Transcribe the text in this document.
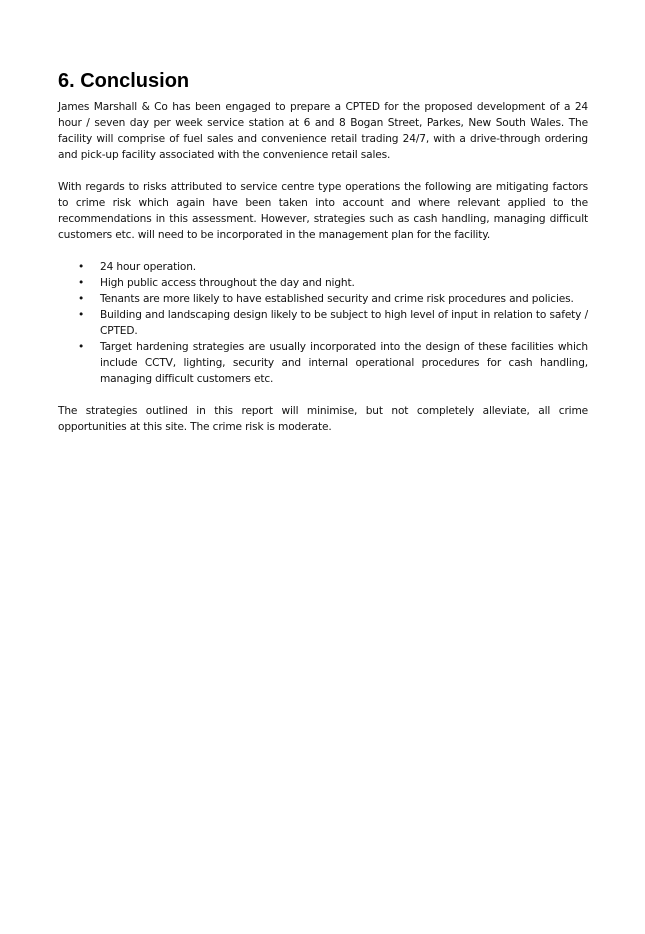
6. Conclusion

James Marshall & Co has been engaged to prepare a CPTED for the proposed development of a 24 hour / seven day per week service station at 6 and 8 Bogan Street, Parkes, New South Wales. The facility will comprise of fuel sales and convenience retail trading 24/7, with a drive-through ordering and pick-up facility associated with the convenience retail sales.

With regards to risks attributed to service centre type operations the following are mitigating factors to crime risk which again have been taken into account and where relevant applied to the recommendations in this assessment. However, strategies such as cash handling, managing difficult customers etc. will need to be incorporated in the management plan for the facility.

• 24 hour operation.
• High public access throughout the day and night.
• Tenants are more likely to have established security and crime risk procedures and policies.
• Building and landscaping design likely to be subject to high level of input in relation to safety / CPTED.
• Target hardening strategies are usually incorporated into the design of these facilities which include CCTV, lighting, security and internal operational procedures for cash handling, managing difficult customers etc.

The strategies outlined in this report will minimise, but not completely alleviate, all crime opportunities at this site. The crime risk is moderate.
